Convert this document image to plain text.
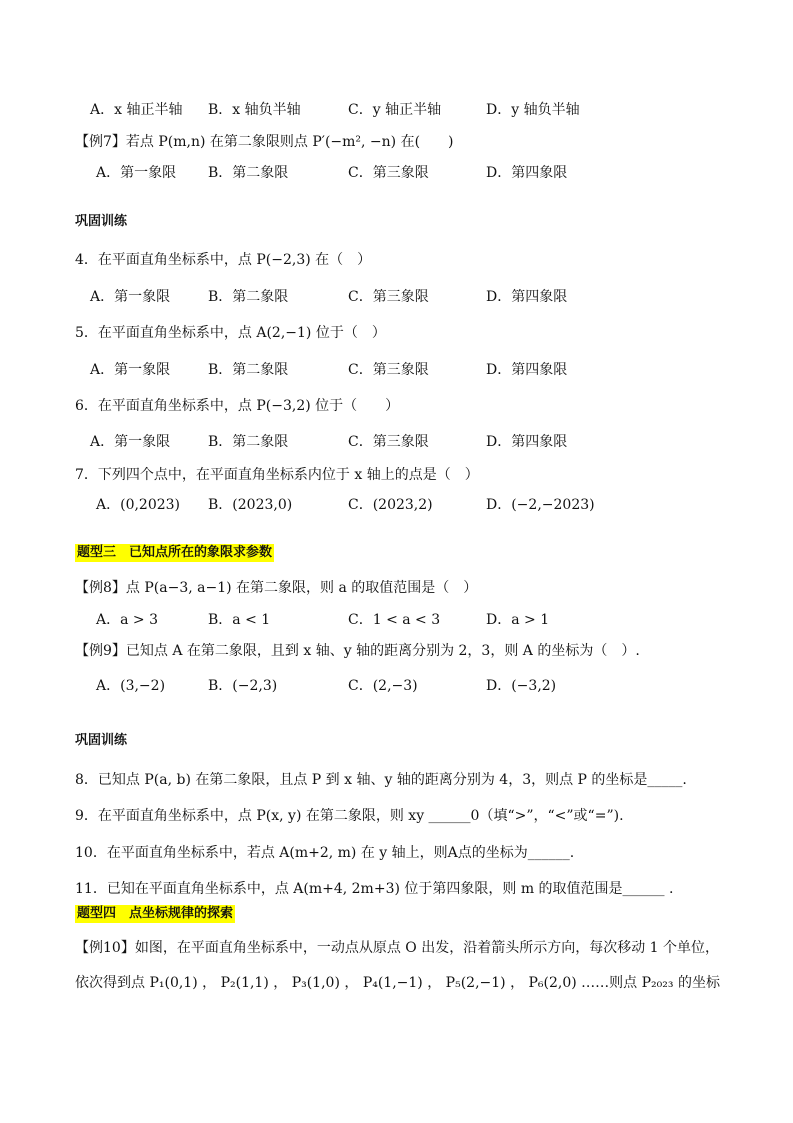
A．x 轴正半轴 B．x 轴负半轴	C．y 轴正半轴	D．y 轴负半轴
【例7】若点 P(m,n) 在第二象限则点 P′(−m², −n) 在(　　)
A．第一象限 B．第二象限	C．第三象限	D．第四象限
巩固训练
4．在平面直角坐标系中，点 P(−2,3) 在（　）
A．第一象限	B．第二象限	C．第三象限	D．第四象限
5．在平面直角坐标系中，点 A(2,−1) 位于（　）
A．第一象限	B．第二象限	C．第三象限	D．第四象限
6．在平面直角坐标系中，点 P(−3,2) 位于（　　）
A．第一象限	B．第二象限	C．第三象限	D．第四象限
7．下列四个点中，在平面直角坐标系内位于 x 轴上的点是（　）
A．(0,2023) B．(2023,0)	C．(2023,2)	D．(−2,−2023)
题型三　已知点所在的象限求参数
【例8】点 P(a−3, a−1) 在第二象限，则 a 的取值范围是（　）
A．a > 3	B．a < 1	C．1 < a < 3	D．a > 1
【例9】已知点 A 在第二象限，且到 x 轴、y 轴的距离分别为 2，3，则 A 的坐标为（　）.
A．(3,−2)	B．(−2,3)	C．(2,−3)	D．(−3,2)
巩固训练
8．已知点 P(a, b) 在第二象限，且点 P 到 x 轴、y 轴的距离分别为 4，3，则点 P 的坐标是_____.
9．在平面直角坐标系中，点 P(x, y) 在第二象限，则 xy ______0（填“>”，“<”或“=”).
10．在平面直角坐标系中，若点 A(m+2, m) 在 y 轴上，则A点的坐标为______.
11．已知在平面直角坐标系中，点 A(m+4, 2m+3) 位于第四象限，则 m 的取值范围是______ .
题型四　点坐标规律的探索
【例10】如图，在平面直角坐标系中，一动点从原点 O 出发，沿着箭头所示方向，每次移动 1 个单位，
依次得到点 P₁(0,1) ， P₂(1,1) ， P₃(1,0) ， P₄(1,−1) ， P₅(2,−1) ， P₆(2,0) ……则点 P₂₀₂₃ 的坐标
